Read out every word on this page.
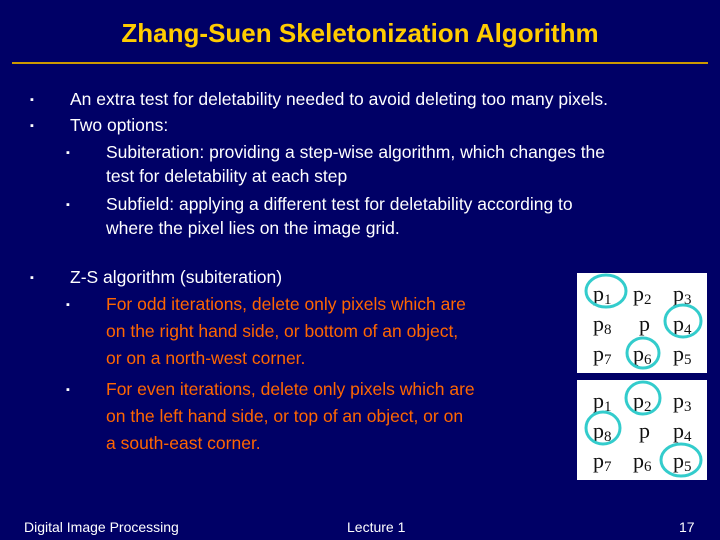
Zhang-Suen Skeletonization Algorithm
▪ An extra test for deletability needed to avoid deleting too many pixels.
▪ Two options:
▪ Subiteration: providing a step-wise algorithm, which changes the
test for deletability at each step
▪ Subfield: applying a different test for deletability according to
where the pixel lies on the image grid.
▪ Z-S algorithm (subiteration)
▪ For odd iterations, delete only pixels which are
on the right hand side, or bottom of an object,
or on a north-west corner.
▪ For even iterations, delete only pixels which are
on the left hand side, or top of an object, or on
a south-east corner.
$p_1$ $p_2$ $p_3$
$p_8$ p $p_4$
$p_7$ $p_6$ $p_5$
$p_1$ $p_2$ $p_3$
$p_8$ p $p_4$
$p_7$ $p_6$ $p_5$
Digital Image Processing	Lecture 1	17
